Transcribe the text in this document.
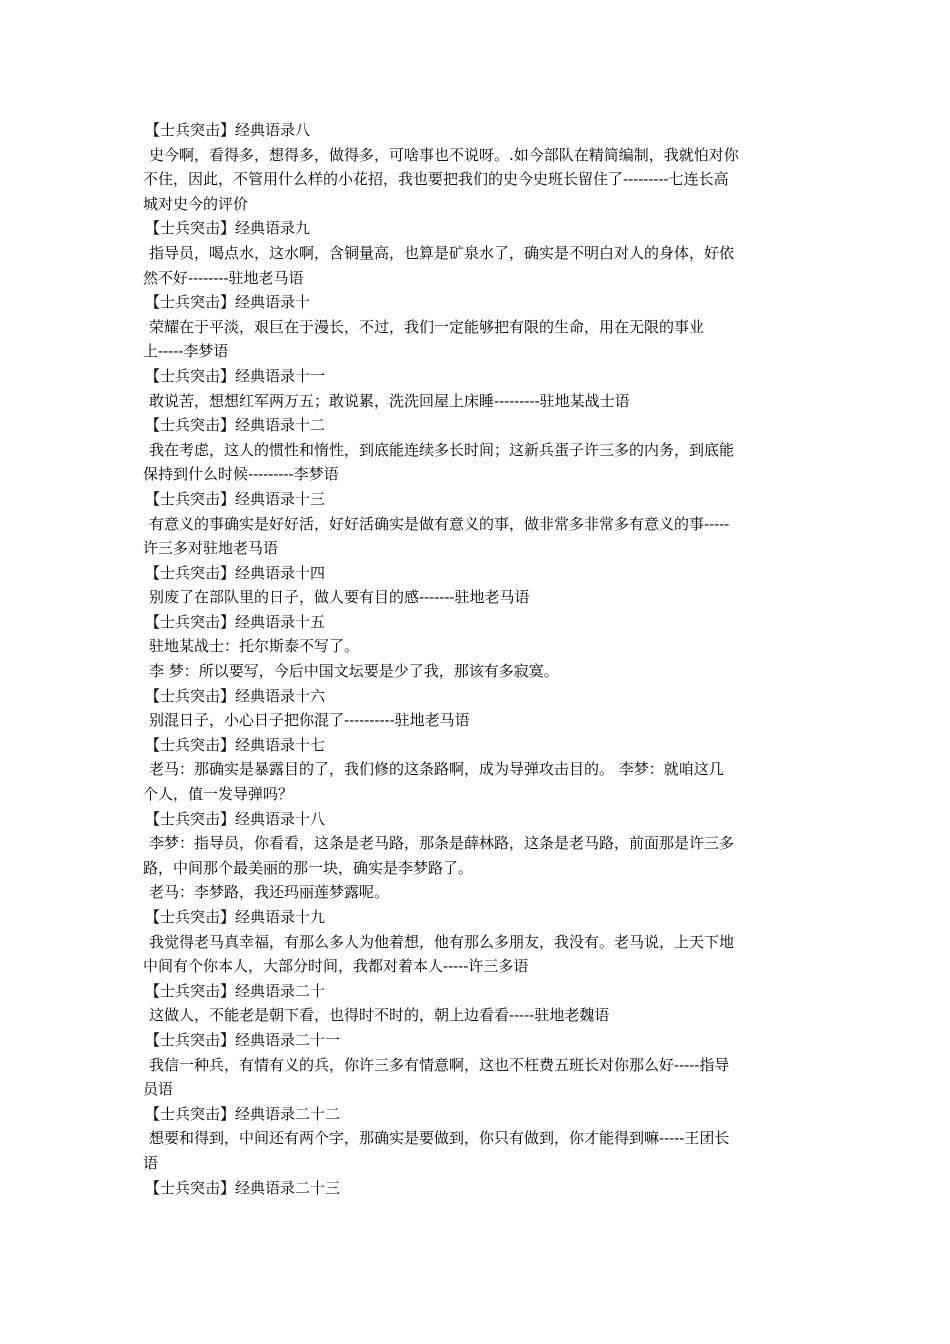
【士兵突击】经典语录八
史今啊，看得多，想得多，做得多，可啥事也不说呀。.如今部队在精简编制，我就怕对你
不住，因此，不管用什么样的小花招，我也要把我们的史今史班长留住了---------七连长高
城对史今的评价
【士兵突击】经典语录九
指导员，喝点水，这水啊，含铜量高，也算是矿泉水了，确实是不明白对人的身体，好依
然不好--------驻地老马语
【士兵突击】经典语录十
荣耀在于平淡，艰巨在于漫长，不过，我们一定能够把有限的生命，用在无限的事业
上-----李梦语
【士兵突击】经典语录十一
敢说苦，想想红军两万五；敢说累，洗洗回屋上床睡---------驻地某战士语
【士兵突击】经典语录十二
我在考虑，这人的惯性和惰性，到底能连续多长时间；这新兵蛋子许三多的内务，到底能
保持到什么时候---------李梦语
【士兵突击】经典语录十三
有意义的事确实是好好活，好好活确实是做有意义的事，做非常多非常多有意义的事-----
许三多对驻地老马语
【士兵突击】经典语录十四
别废了在部队里的日子，做人要有目的感-------驻地老马语
【士兵突击】经典语录十五
驻地某战士：托尔斯泰不写了。
李 梦：所以要写，今后中国文坛要是少了我，那该有多寂寞。
【士兵突击】经典语录十六
别混日子，小心日子把你混了----------驻地老马语
【士兵突击】经典语录十七
老马：那确实是暴露目的了，我们修的这条路啊，成为导弹攻击目的。 李梦：就咱这几
个人，值一发导弹吗？
【士兵突击】经典语录十八
李梦：指导员，你看看，这条是老马路，那条是薛林路，这条是老马路，前面那是许三多
路，中间那个最美丽的那一块，确实是李梦路了。
老马：李梦路，我还玛丽莲梦露呢。
【士兵突击】经典语录十九
我觉得老马真幸福，有那么多人为他着想，他有那么多朋友，我没有。老马说，上天下地
中间有个你本人，大部分时间，我都对着本人-----许三多语
【士兵突击】经典语录二十
这做人，不能老是朝下看，也得时不时的，朝上边看看-----驻地老魏语
【士兵突击】经典语录二十一
我信一种兵，有情有义的兵，你许三多有情意啊，这也不枉费五班长对你那么好-----指导
员语
【士兵突击】经典语录二十二
想要和得到，中间还有两个字，那确实是要做到，你只有做到，你才能得到嘛-----王团长
语
【士兵突击】经典语录二十三
